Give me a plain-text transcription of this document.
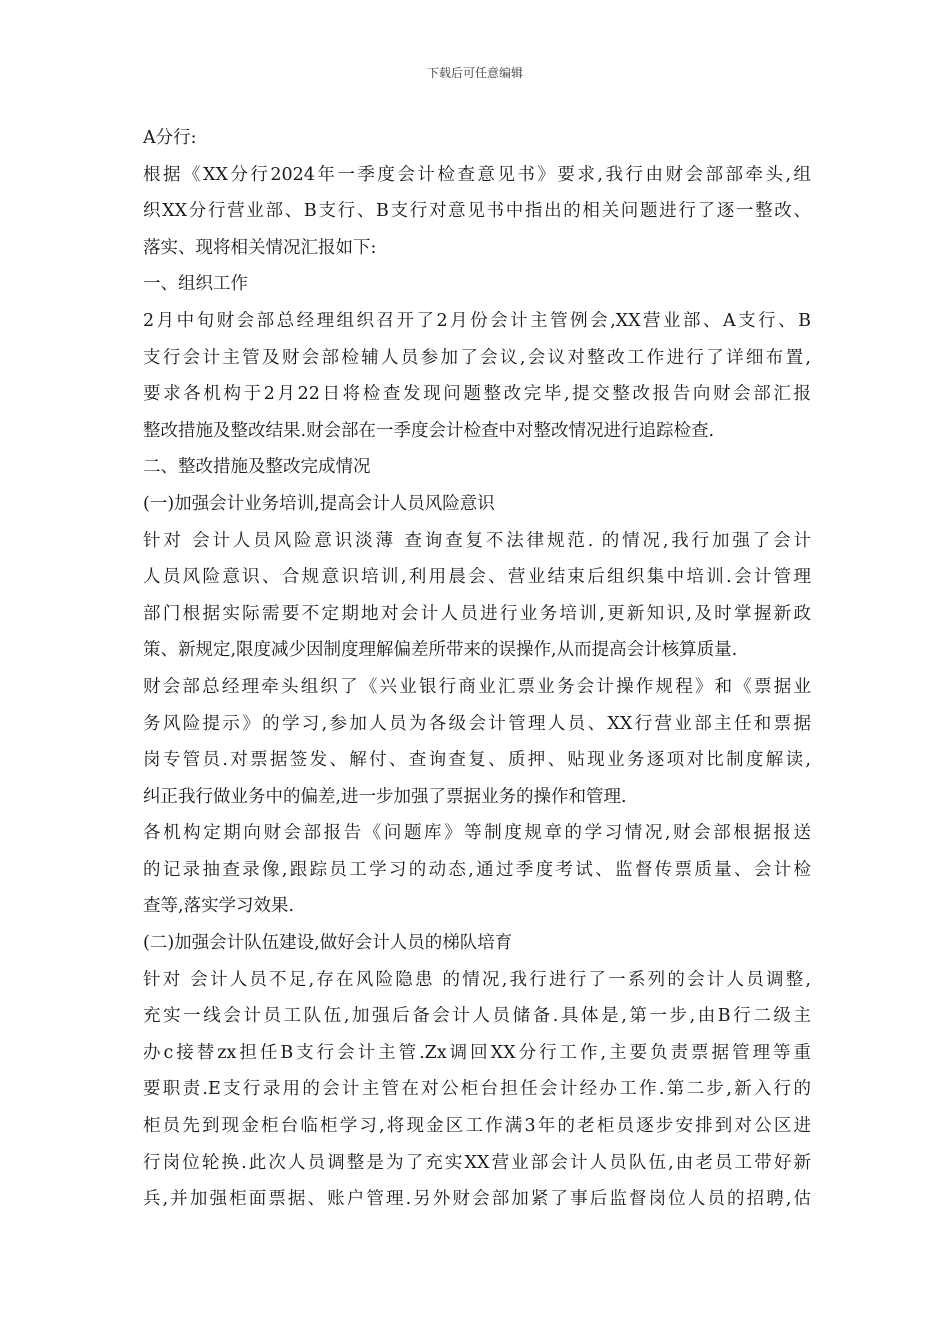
下载后可任意编辑
A分行:
根据《XX分行2024年一季度会计检查意见书》要求,我行由财会部部牵头,组
织XX分行营业部、B支行、B支行对意见书中指出的相关问题进行了逐一整改、
落实、现将相关情况汇报如下:
一、组织工作
2月中旬财会部总经理组织召开了2月份会计主管例会,XX营业部、A支行、B
支行会计主管及财会部检辅人员参加了会议,会议对整改工作进行了详细布置,
要求各机构于2月22日将检查发现问题整改完毕,提交整改报告向财会部汇报
整改措施及整改结果.财会部在一季度会计检查中对整改情况进行追踪检查.
二、整改措施及整改完成情况
(一)加强会计业务培训,提高会计人员风险意识
针对 会计人员风险意识淡薄 查询查复不法律规范. 的情况,我行加强了会计
人员风险意识、合规意识培训,利用晨会、营业结束后组织集中培训.会计管理
部门根据实际需要不定期地对会计人员进行业务培训,更新知识,及时掌握新政
策、新规定,限度减少因制度理解偏差所带来的误操作,从而提高会计核算质量.
财会部总经理牵头组织了《兴业银行商业汇票业务会计操作规程》和《票据业
务风险提示》的学习,参加人员为各级会计管理人员、XX行营业部主任和票据
岗专管员.对票据签发、解付、查询查复、质押、贴现业务逐项对比制度解读,
纠正我行做业务中的偏差,进一步加强了票据业务的操作和管理.
各机构定期向财会部报告《问题库》等制度规章的学习情况,财会部根据报送
的记录抽查录像,跟踪员工学习的动态,通过季度考试、监督传票质量、会计检
查等,落实学习效果.
(二)加强会计队伍建设,做好会计人员的梯队培育
针对 会计人员不足,存在风险隐患 的情况,我行进行了一系列的会计人员调整,
充实一线会计员工队伍,加强后备会计人员储备.具体是,第一步,由B行二级主
办c接替zx担任B支行会计主管.Zx调回XX分行工作,主要负责票据管理等重
要职责.E支行录用的会计主管在对公柜台担任会计经办工作.第二步,新入行的
柜员先到现金柜台临柜学习,将现金区工作满3年的老柜员逐步安排到对公区进
行岗位轮换.此次人员调整是为了充实XX营业部会计人员队伍,由老员工带好新
兵,并加强柜面票据、账户管理.另外财会部加紧了事后监督岗位人员的招聘,估
